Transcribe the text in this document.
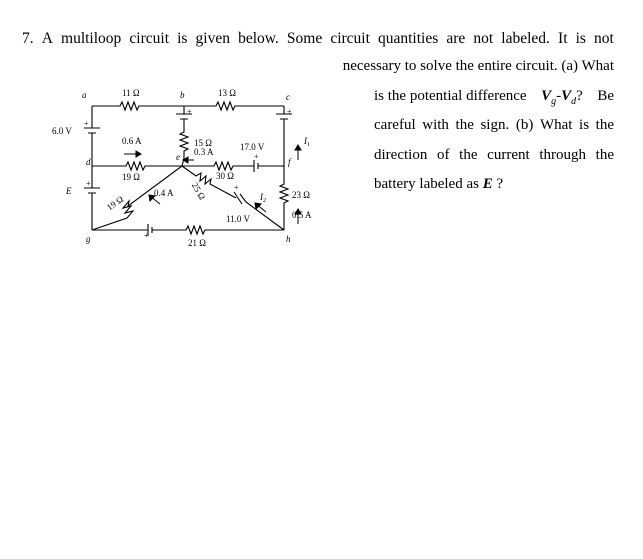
7. A multiloop circuit is given below. Some circuit quantities are not labeled. It is not
necessary to solve the entire circuit. (a) What
is the potential difference $V_g-V_d$? Be
careful with the sign. (b) What is the
direction of the current through the
battery labeled as E ?
a	b	c
d	e	f
g	h
11 Ω	13 Ω
6.0 V
0.6 A
19 Ω
15 Ω
0.3 A	17.0 V
I 1
30 Ω
E
19 Ω
0.4 A 25 Ω
11.0 V
I 2
23 Ω
0.5 A
21 Ω
+
+
+	+
+
+
+
